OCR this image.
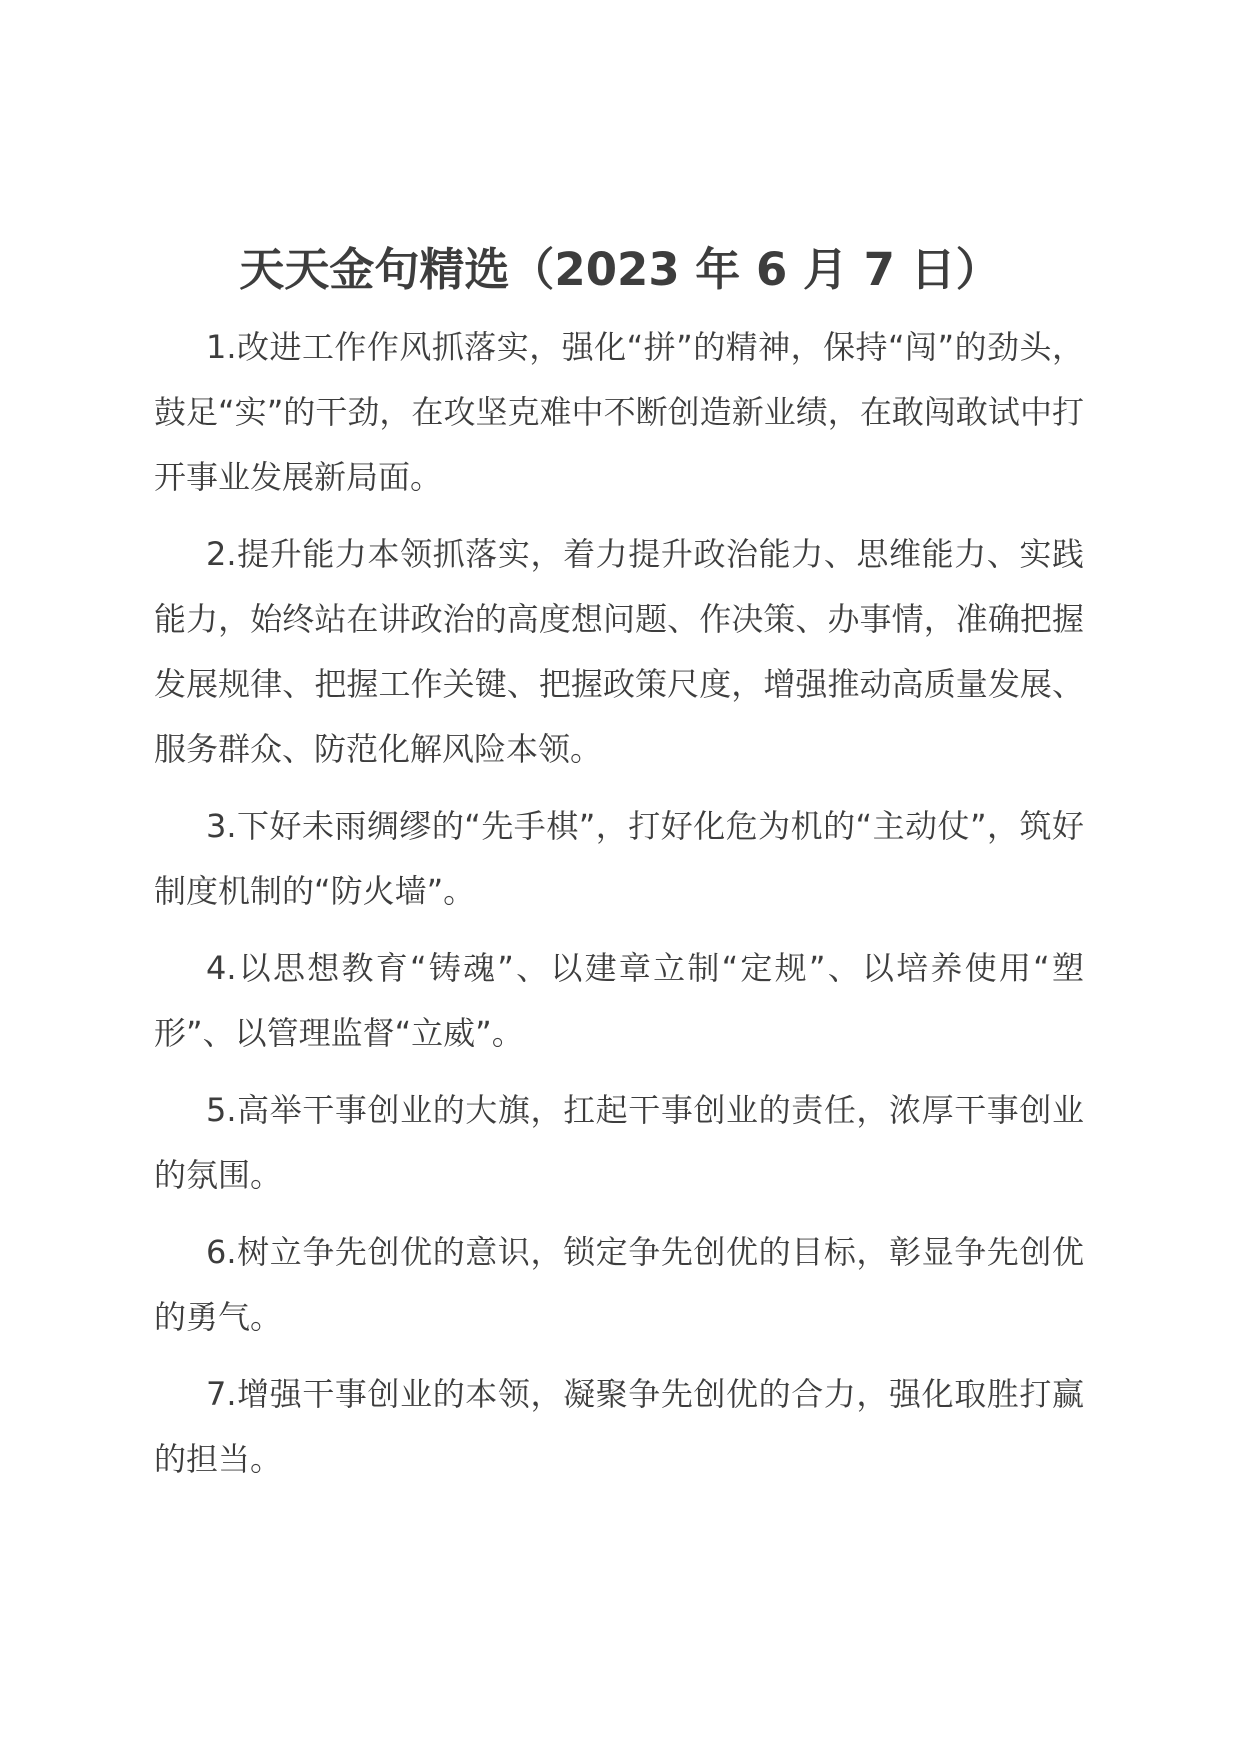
天天金句精选（2023 年 6 月 7 日）

1.改进工作作风抓落实，强化“拼”的精神，保持“闯”的劲头，鼓足“实”的干劲，在攻坚克难中不断创造新业绩，在敢闯敢试中打开事业发展新局面。

2.提升能力本领抓落实，着力提升政治能力、思维能力、实践能力，始终站在讲政治的高度想问题、作决策、办事情，准确把握发展规律、把握工作关键、把握政策尺度，增强推动高质量发展、服务群众、防范化解风险本领。

3.下好未雨绸缪的“先手棋”，打好化危为机的“主动仗”，筑好制度机制的“防火墙”。

4.以思想教育“铸魂”、以建章立制“定规”、以培养使用“塑形”、以管理监督“立威”。

5.高举干事创业的大旗，扛起干事创业的责任，浓厚干事创业的氛围。

6.树立争先创优的意识，锁定争先创优的目标，彰显争先创优的勇气。

7.增强干事创业的本领，凝聚争先创优的合力，强化取胜打赢的担当。
